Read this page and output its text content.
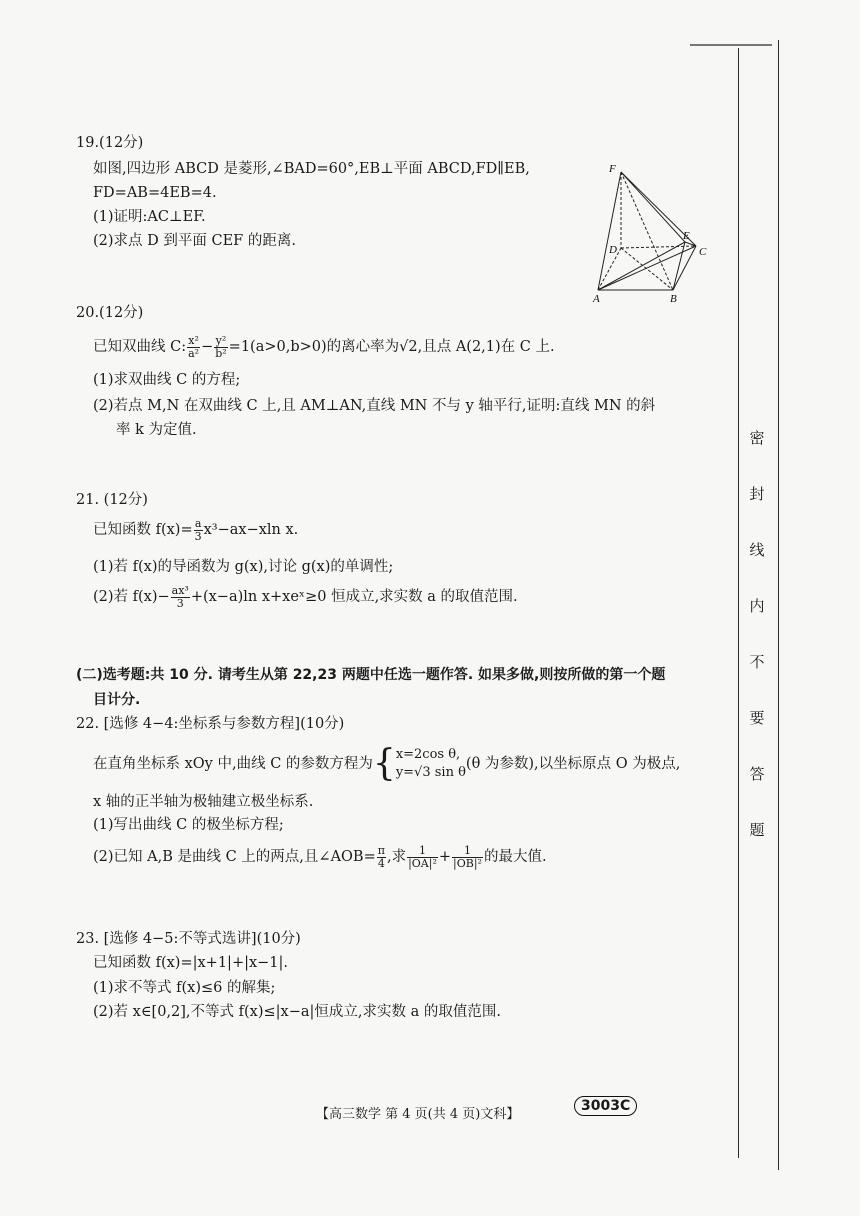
19.(12分)
如图,四边形 ABCD 是菱形,∠BAD=60°,EB⊥平面 ABCD,FD∥EB,
FD=AB=4EB=4.
(1)证明:AC⊥EF.
(2)求点 D 到平面 CEF 的距离.
F
D
E
C
A	B
20.(12分)
已知双曲线 C: $\frac{\text{x²}}{\text{a²}} - \frac{\text{y²}}{\text{b²}} =1(a>0,b>0)$的离心率为√2,且点 A(2,1)在 C 上.
(1)求双曲线 C 的方程;
(2)若点 M,N 在双曲线 C 上,且 AM⊥AN,直线 MN 不与 y 轴平行,证明:直线 MN 的斜
率 k 为定值.
21. (12分)
已知函数 $f(x)= \frac{a}{3} x^3-ax-xln$ x.
(1)若 f(x)的导函数为 g(x),讨论 g(x)的单调性;
(2)若 $f(x)- \frac{\text{ax³}}{3} +(x-a)\ln$ x+xeˣ≥0 恒成立,求实数 a 的取值范围.
(二)选考题:共 10 分. 请考生从第 22,23 两题中任选一题作答. 如果多做,则按所做的第一个题
目计分.
22. [选修 4−4:坐标系与参数方程](10分)
在直角坐标系 xOy 中,曲线 C 的参数方程为{ x=2cos θ,
y=√3 sin θ
(θ 为参数),以坐标原点 O 为极点,
x 轴的正半轴为极轴建立极坐标系.
(1)写出曲线 C 的极坐标方程;
(2)已知 A,B 是曲线 C 上的两点,且∠AOB= $\frac{\pi}{4}$ ,求 $\frac{1}{\text{|OA|²}} + \frac{1}{\text{|OB|²}}$ 的最大值.
23. [选修 4−5:不等式选讲](10分)
已知函数 f(x)=|x+1|+|x−1|.
(1)求不等式 f(x)≤6 的解集;
(2)若 x∈[0,2],不等式 f(x)≤|x−a|恒成立,求实数 a 的取值范围.
【高三数学 第 4 页(共 4 页)文科】
3003C
密
封
线
内
不
要
答
题
